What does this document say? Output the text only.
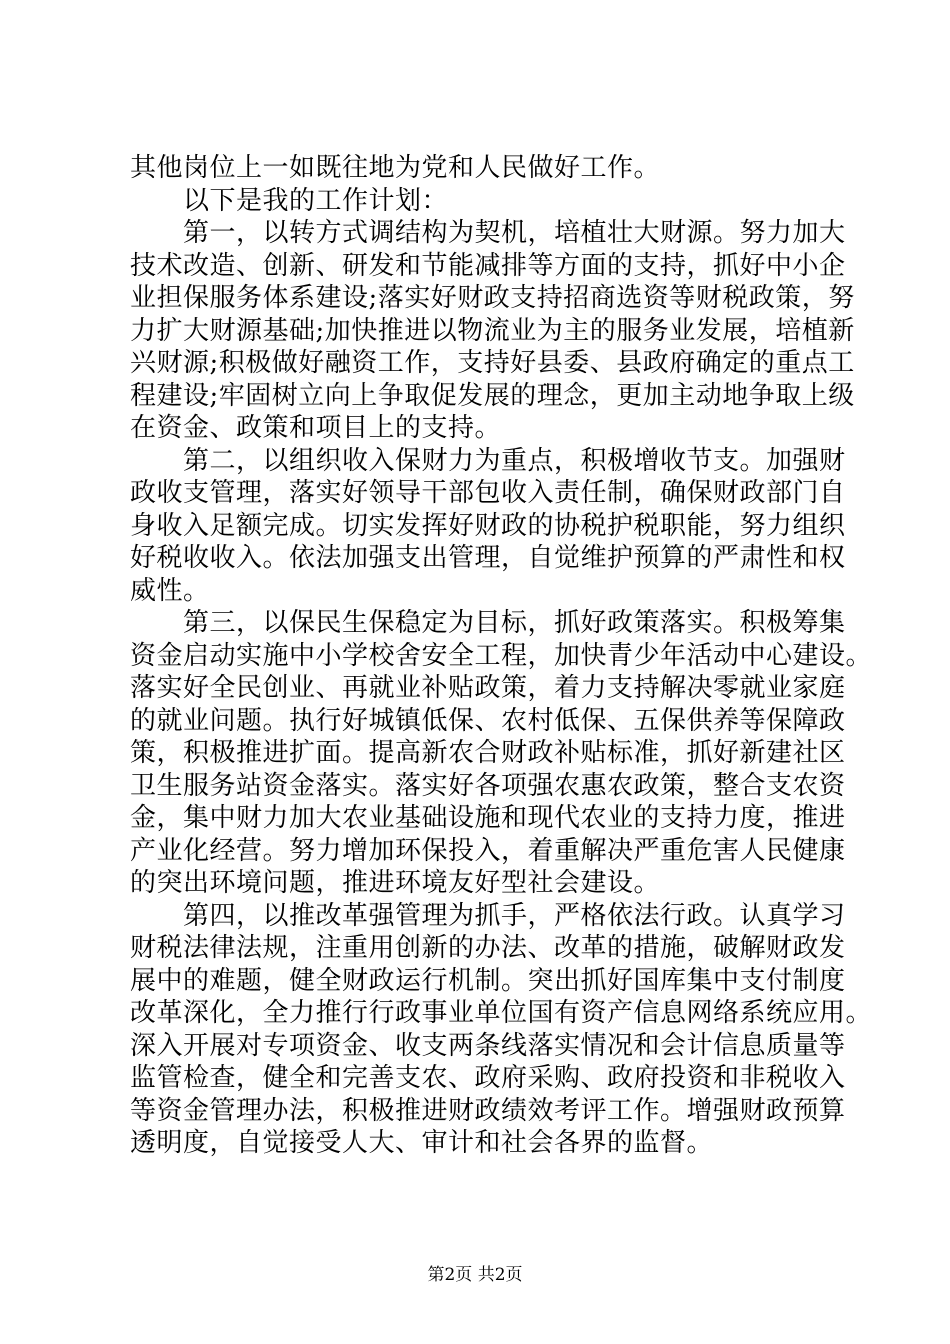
其他岗位上一如既往地为党和人民做好工作。
以下是我的工作计划：
第一，以转方式调结构为契机，培植壮大财源。努力加大
技术改造、创新、研发和节能减排等方面的支持，抓好中小企
业担保服务体系建设;落实好财政支持招商选资等财税政策，努
力扩大财源基础;加快推进以物流业为主的服务业发展，培植新
兴财源;积极做好融资工作，支持好县委、县政府确定的重点工
程建设;牢固树立向上争取促发展的理念，更加主动地争取上级
在资金、政策和项目上的支持。
第二，以组织收入保财力为重点，积极增收节支。加强财
政收支管理，落实好领导干部包收入责任制，确保财政部门自
身收入足额完成。切实发挥好财政的协税护税职能，努力组织
好税收收入。依法加强支出管理，自觉维护预算的严肃性和权
威性。
第三，以保民生保稳定为目标，抓好政策落实。积极筹集
资金启动实施中小学校舍安全工程，加快青少年活动中心建设。
落实好全民创业、再就业补贴政策，着力支持解决零就业家庭
的就业问题。执行好城镇低保、农村低保、五保供养等保障政
策，积极推进扩面。提高新农合财政补贴标准，抓好新建社区
卫生服务站资金落实。落实好各项强农惠农政策，整合支农资
金，集中财力加大农业基础设施和现代农业的支持力度，推进
产业化经营。努力增加环保投入，着重解决严重危害人民健康
的突出环境问题，推进环境友好型社会建设。
第四，以推改革强管理为抓手，严格依法行政。认真学习
财税法律法规，注重用创新的办法、改革的措施，破解财政发
展中的难题，健全财政运行机制。突出抓好国库集中支付制度
改革深化，全力推行行政事业单位国有资产信息网络系统应用。
深入开展对专项资金、收支两条线落实情况和会计信息质量等
监管检查，健全和完善支农、政府采购、政府投资和非税收入
等资金管理办法，积极推进财政绩效考评工作。增强财政预算
透明度，自觉接受人大、审计和社会各界的监督。
第2页 共2页
